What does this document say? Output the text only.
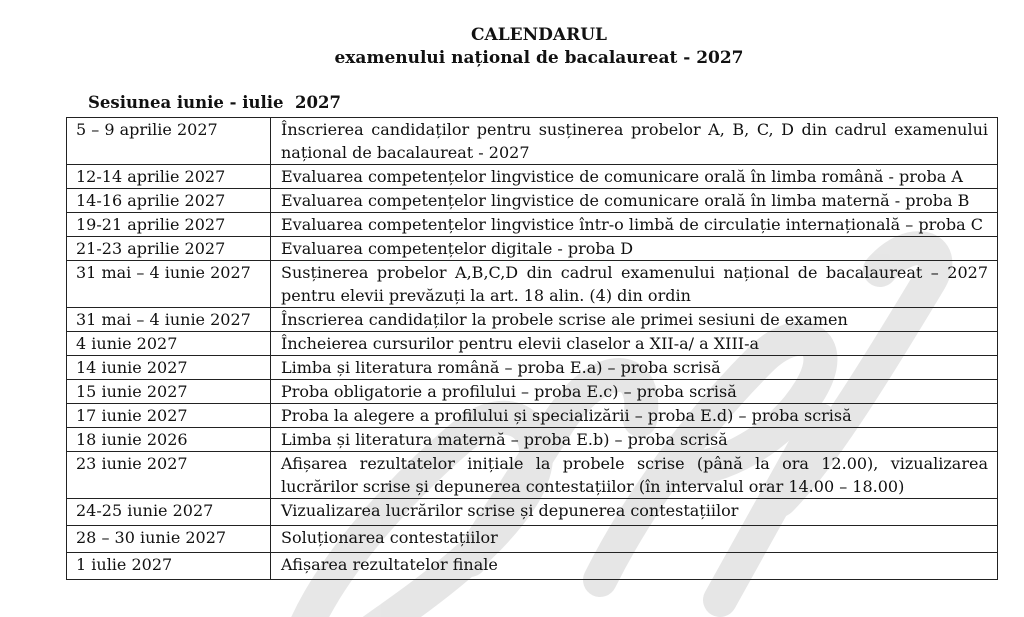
CALENDARUL
examenului național de bacalaureat - 2027
Sesiunea iunie - iulie  2027
5 – 9 aprilie 2027	Înscrierea candidaților pentru susținerea probelor A, B, C, D din cadrul examenului național de bacalaureat - 2027
12-14 aprilie 2027	Evaluarea competențelor lingvistice de comunicare orală în limba română - proba A
14-16 aprilie 2027	Evaluarea competențelor lingvistice de comunicare orală în limba maternă - proba B
19-21 aprilie 2027	Evaluarea competențelor lingvistice într-o limbă de circulație internațională – proba C
21-23 aprilie 2027	Evaluarea competențelor digitale - proba D
31 mai – 4 iunie 2027	Susținerea probelor A,B,C,D din cadrul examenului național de bacalaureat – 2027 pentru elevii prevăzuți la art. 18 alin. (4) din ordin
31 mai – 4 iunie 2027	Înscrierea candidaților la probele scrise ale primei sesiuni de examen
4 iunie 2027	Încheierea cursurilor pentru elevii claselor a XII-a/ a XIII-a
14 iunie 2027	Limba și literatura română – proba E.a) – proba scrisă
15 iunie 2027	Proba obligatorie a profilului – proba E.c) – proba scrisă
17 iunie 2027	Proba la alegere a profilului și specializării – proba E.d) – proba scrisă
18 iunie 2026	Limba și literatura maternă – proba E.b) – proba scrisă
23 iunie 2027	Afișarea rezultatelor inițiale la probele scrise (până la ora 12.00), vizualizarea lucrărilor scrise și depunerea contestațiilor (în intervalul orar 14.00 – 18.00)
24-25 iunie 2027	Vizualizarea lucrărilor scrise și depunerea contestațiilor
28 – 30 iunie 2027	Soluționarea contestațiilor
1 iulie 2027	Afișarea rezultatelor finale
